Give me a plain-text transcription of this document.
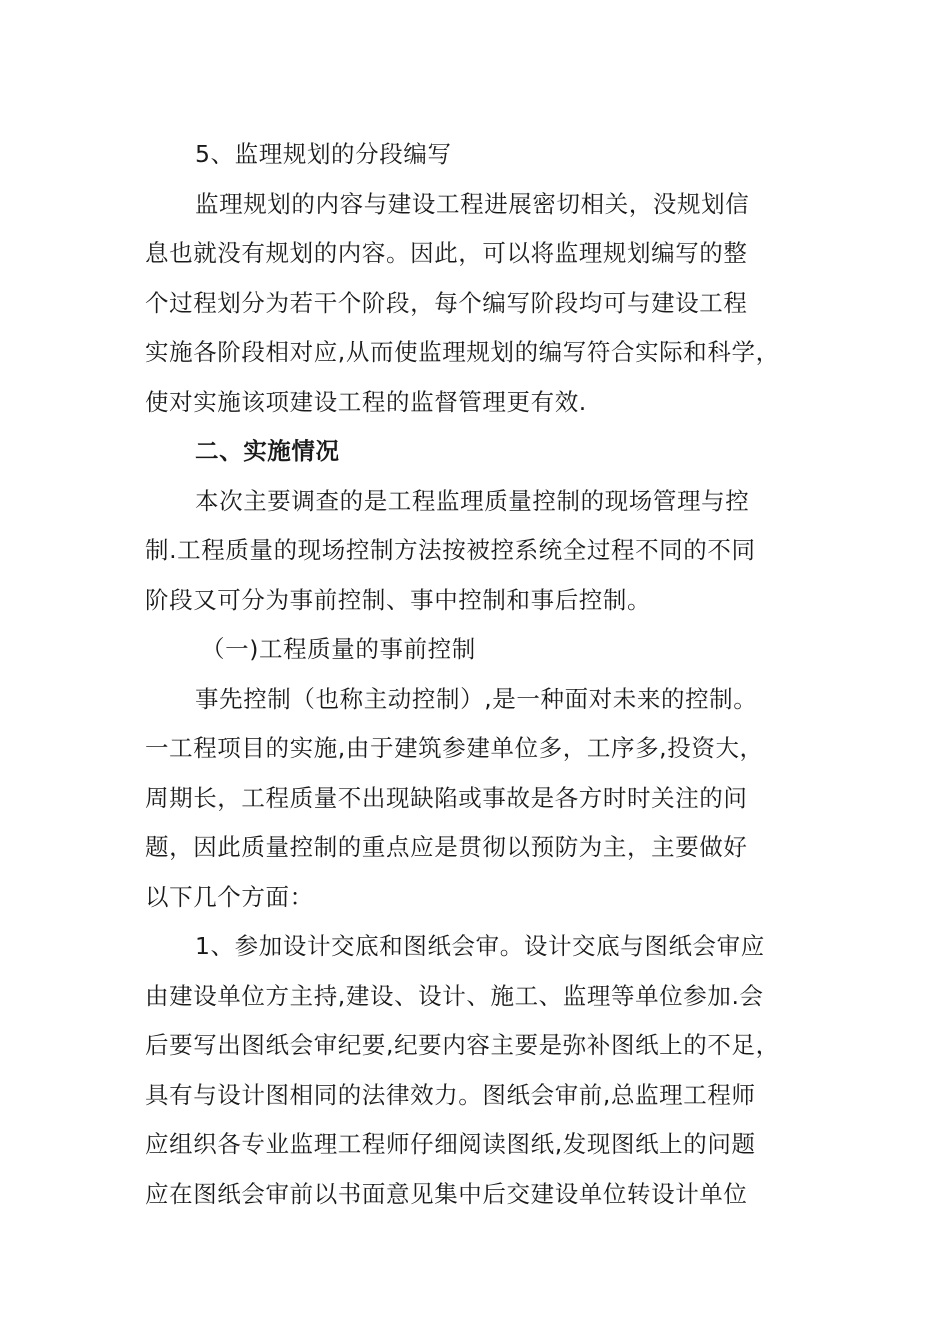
5、监理规划的分段编写
监理规划的内容与建设工程进展密切相关，没规划信
息也就没有规划的内容。因此，可以将监理规划编写的整
个过程划分为若干个阶段，每个编写阶段均可与建设工程
实施各阶段相对应,从而使监理规划的编写符合实际和科学，
使对实施该项建设工程的监督管理更有效.
二、实施情况
本次主要调查的是工程监理质量控制的现场管理与控
制.工程质量的现场控制方法按被控系统全过程不同的不同
阶段又可分为事前控制、事中控制和事后控制。
（一)工程质量的事前控制
事先控制（也称主动控制）,是一种面对未来的控制。
一工程项目的实施,由于建筑参建单位多，工序多,投资大，
周期长，工程质量不出现缺陷或事故是各方时时关注的问
题，因此质量控制的重点应是贯彻以预防为主，主要做好
以下几个方面：
1、参加设计交底和图纸会审。设计交底与图纸会审应
由建设单位方主持,建设、设计、施工、监理等单位参加.会
后要写出图纸会审纪要,纪要内容主要是弥补图纸上的不足，
具有与设计图相同的法律效力。图纸会审前,总监理工程师
应组织各专业监理工程师仔细阅读图纸,发现图纸上的问题
应在图纸会审前以书面意见集中后交建设单位转设计单位
